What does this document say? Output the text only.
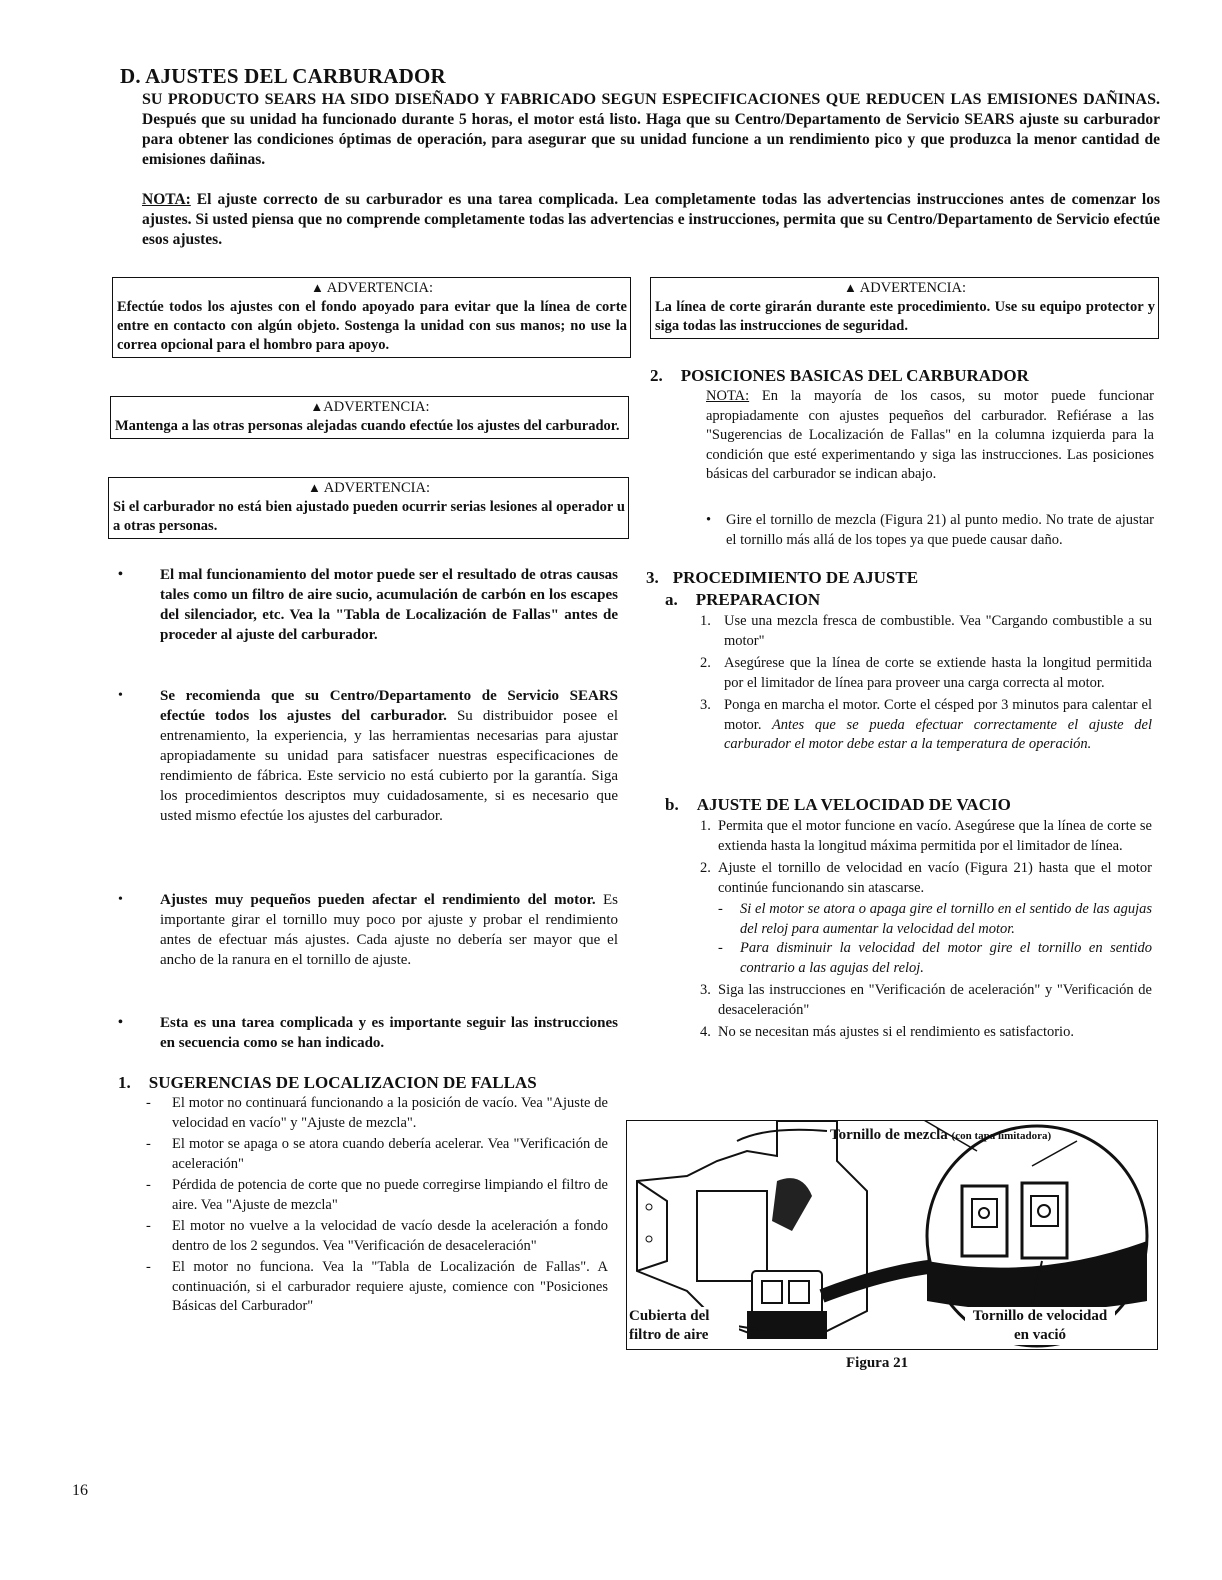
D. AJUSTES DEL CARBURADOR
SU PRODUCTO SEARS HA SIDO DISEÑADO Y FABRICADO SEGUN ESPECIFICACIONES QUE REDUCEN LAS EMISIONES DAÑINAS. Después que su unidad ha funcionado durante 5 horas, el motor está listo. Haga que su Centro/Departamento de Servicio SEARS ajuste su carburador para obtener las condiciones óptimas de operación, para asegurar que su unidad funcione a un rendimiento pico y que produzca la menor cantidad de emisiones dañinas.
NOTA: El ajuste correcto de su carburador es una tarea complicada. Lea completamente todas las advertencias instrucciones antes de comenzar los ajustes. Si usted piensa que no comprende completamente todas las advertencias e instrucciones, permita que su Centro/Departamento de Servicio efectúe esos ajustes.
▲ ADVERTENCIA:
Efectúe todos los ajustes con el fondo apoyado para evitar que la línea de corte entre en contacto con algún objeto. Sostenga la unidad con sus manos; no use la correa opcional para el hombro para apoyo.
▲ADVERTENCIA:
Mantenga a las otras personas alejadas cuando efectúe los ajustes del carburador.
▲ ADVERTENCIA:
Si el carburador no está bien ajustado pueden ocurrir serias lesiones al operador u a otras personas.
• El mal funcionamiento del motor puede ser el resultado de otras causas tales como un filtro de aire sucio, acumulación de carbón en los escapes del silenciador, etc. Vea la "Tabla de Localización de Fallas" antes de proceder al ajuste del carburador.
• Se recomienda que su Centro/Departamento de Servicio SEARS efectúe todos los ajustes del carburador. Su distribuidor posee el entrenamiento, la experiencia, y las herramientas necesarias para ajustar apropiadamente su unidad para satisfacer nuestras especificaciones de rendimiento de fábrica. Este servicio no está cubierto por la garantía. Siga los procedimientos descriptos muy cuidadosamente, si es necesario que usted mismo efectúe los ajustes del carburador.
• Ajustes muy pequeños pueden afectar el rendimiento del motor. Es importante girar el tornillo muy poco por ajuste y probar el rendimiento antes de efectuar más ajustes. Cada ajuste no debería ser mayor que el ancho de la ranura en el tornillo de ajuste.
• Esta es una tarea complicada y es importante seguir las instrucciones en secuencia como se han indicado.
1. SUGERENCIAS DE LOCALIZACION DE FALLAS
- El motor no continuará funcionando a la posición de vacío. Vea "Ajuste de velocidad en vacío" y "Ajuste de mezcla".
- El motor se apaga o se atora cuando debería acelerar. Vea "Verificación de aceleración"
- Pérdida de potencia de corte que no puede corregirse limpiando el filtro de aire. Vea "Ajuste de mezcla"
- El motor no vuelve a la velocidad de vacío desde la aceleración a fondo dentro de los 2 segundos. Vea "Verificación de desaceleración"
- El motor no funciona. Vea la "Tabla de Localización de Fallas". A continuación, si el carburador requiere ajuste, comience con "Posiciones Básicas del Carburador"
▲ ADVERTENCIA:
La línea de corte girarán durante este procedimiento. Use su equipo protector y siga todas las instrucciones de seguridad.
2. POSICIONES BASICAS DEL CARBURADOR
NOTA: En la mayoría de los casos, su motor puede funcionar apropiadamente con ajustes pequeños del carburador. Refiérase a las "Sugerencias de Localización de Fallas" en la columna izquierda para la condición que esté experimentando y siga las instrucciones. Las posiciones básicas del carburador se indican abajo.
• Gire el tornillo de mezcla (Figura 21) al punto medio. No trate de ajustar el tornillo más allá de los topes ya que puede causar daño.
3. PROCEDIMIENTO DE AJUSTE
a. PREPARACION
1. Use una mezcla fresca de combustible. Vea "Cargando combustible a su motor"
2. Asegúrese que la línea de corte se extiende hasta la longitud permitida por el limitador de línea para proveer una carga correcta al motor.
3. Ponga en marcha el motor. Corte el césped por 3 minutos para calentar el motor. Antes que se pueda efectuar correctamente el ajuste del carburador el motor debe estar a la temperatura de operación.
b. AJUSTE DE LA VELOCIDAD DE VACIO
1. Permita que el motor funcione en vacío. Asegúrese que la línea de corte se extienda hasta la longitud máxima permitida por el limitador de línea.
2. Ajuste el tornillo de velocidad en vacío (Figura 21) hasta que el motor continúe funcionando sin atascarse.
- Si el motor se atora o apaga gire el tornillo en el sentido de las agujas del reloj para aumentar la velocidad del motor.
- Para disminuir la velocidad del motor gire el tornillo en sentido contrario a las agujas del reloj.
3. Siga las instrucciones en "Verificación de aceleración" y "Verificación de desaceleración"
4. No se necesitan más ajustes si el rendimiento es satisfactorio.
Tornillo de mezcla (con tapa limitadora)
Cubierta del filtro de aire
Tornillo de velocidad en vació
Figura 21
16
